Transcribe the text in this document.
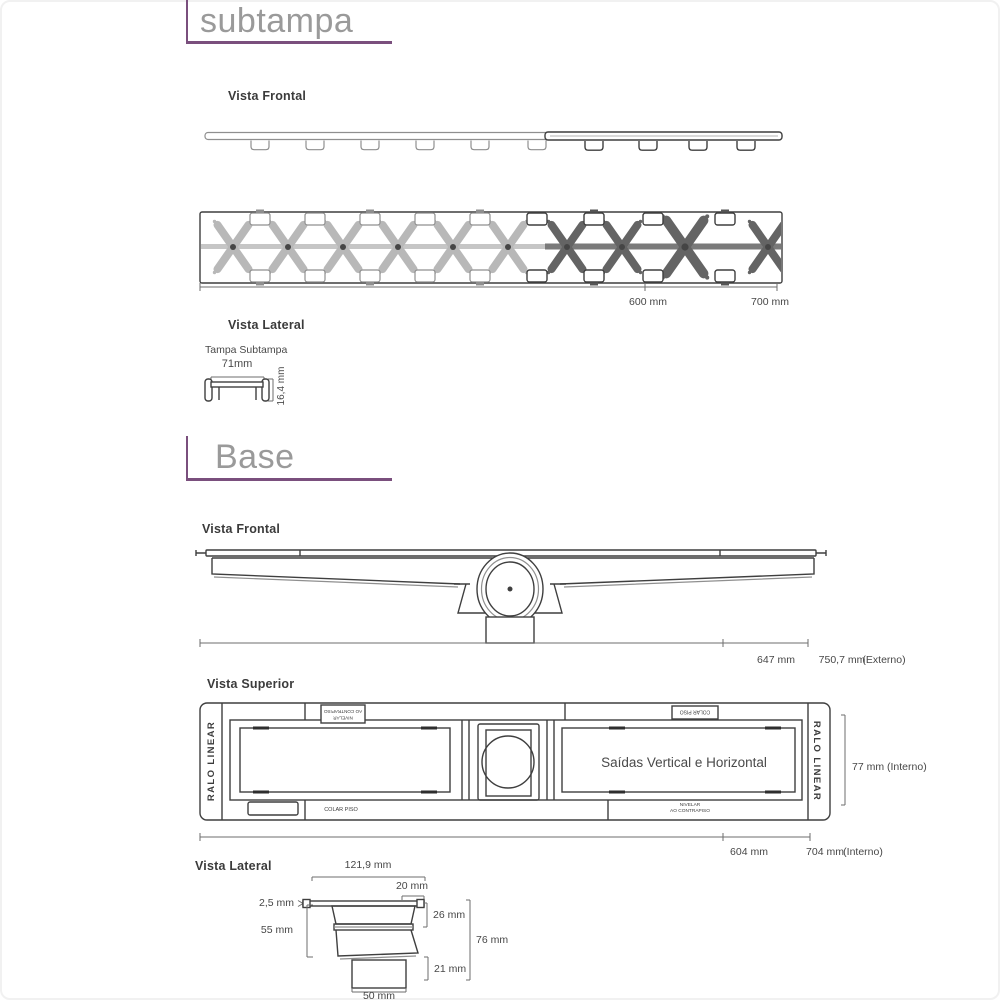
subtampa
Vista Frontal
600 mm	700 mm
Vista Lateral
Tampa Subtampa
71mm
16,4 mm
Base
Vista Frontal
647 mm 750,7 mm
(Externo)
Vista Superior
RALO LINEAR	RALO LINEAR
Saídas Vertical e Horizontal
NIVELAR
AO CONTRAPISO	COLAR PISO
COLAR PISO
NIVELAR
AO CONTRAPISO
77 mm (Interno)
604 mm	704 mm (Interno)
Vista Lateral	121,9 mm
20 mm
2,5 mm
55 mm
26 mm
76 mm
21 mm
50 mm
